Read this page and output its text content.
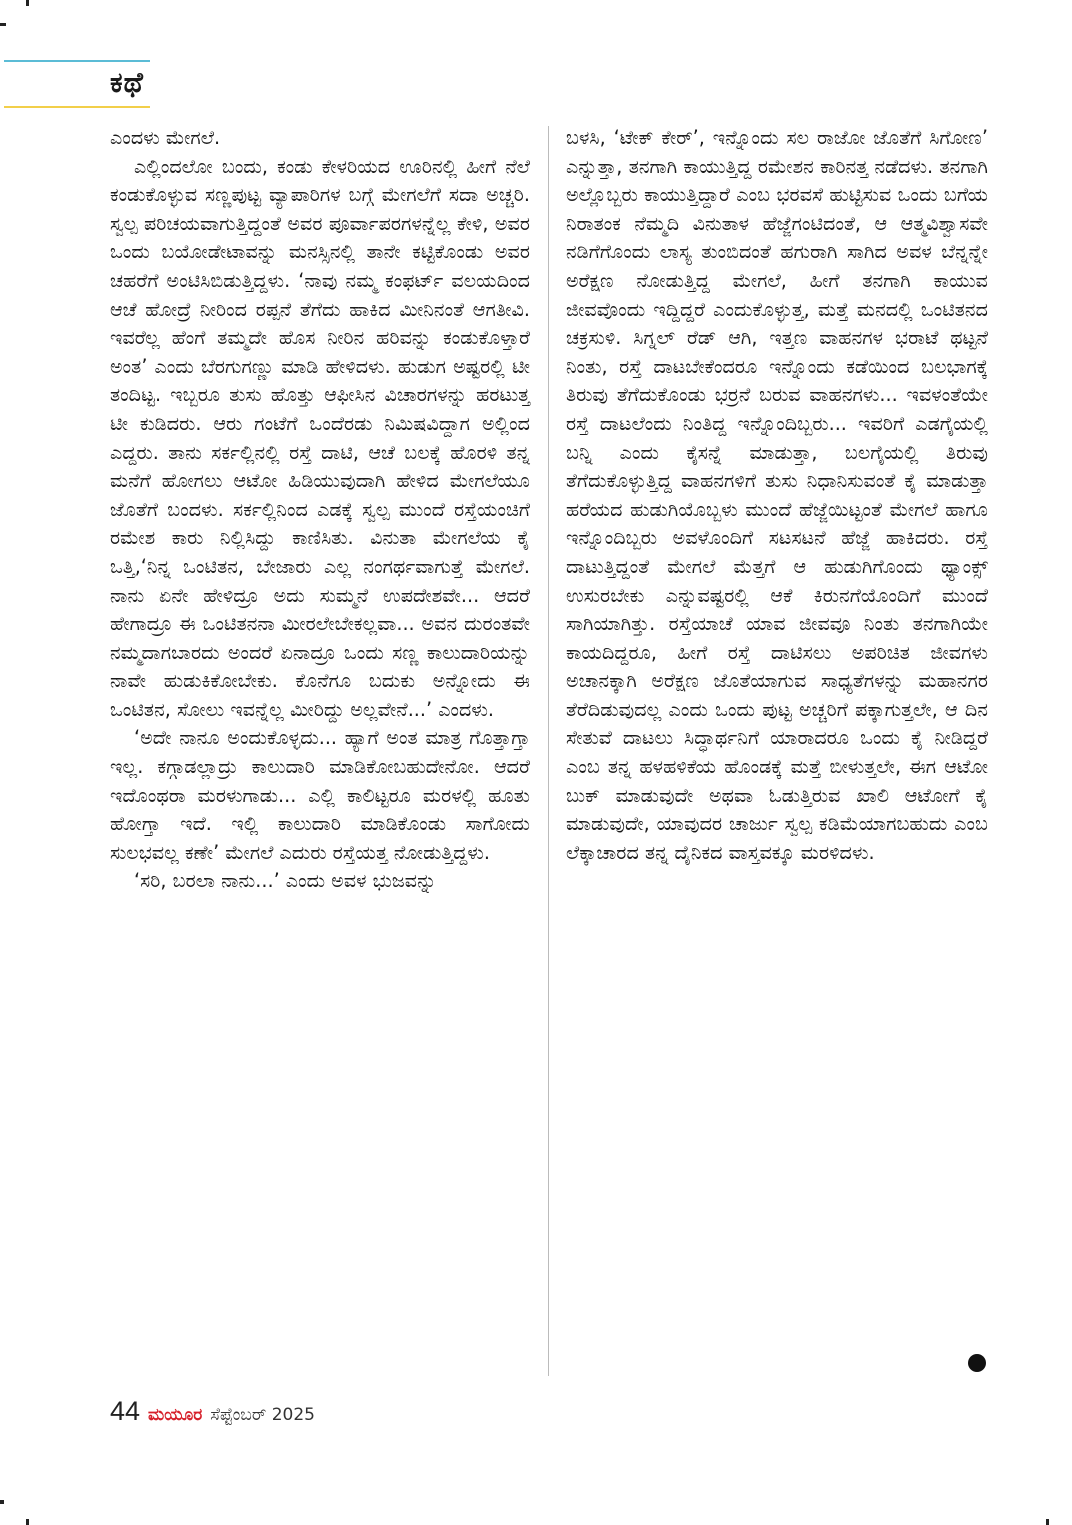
ಕಥೆ

ಎಂದಳು ಮೇಗಲೆ.

ಎಲ್ಲಿಂದಲೋ ಬಂದು, ಕಂಡು ಕೇಳರಿಯದ ಊರಿನಲ್ಲಿ ಹೀಗೆ ನೆಲೆ ಕಂಡುಕೊಳ್ಳುವ ಸಣ್ಣಪುಟ್ಟ ವ್ಯಾಪಾರಿಗಳ ಬಗ್ಗೆ ಮೇಗಲೆಗೆ ಸದಾ ಅಚ್ಚರಿ. ಸ್ವಲ್ಪ ಪರಿಚಯವಾಗುತ್ತಿದ್ದಂತೆ ಅವರ ಪೂರ್ವಾಪರಗಳನ್ನೆಲ್ಲ ಕೇಳಿ, ಅವರ ಒಂದು ಬಯೋಡೇಟಾವನ್ನು ಮನಸ್ಸಿನಲ್ಲಿ ತಾನೇ ಕಟ್ಟಿಕೊಂಡು ಅವರ ಚಹರೆಗೆ ಅಂಟಿಸಿಬಿಡುತ್ತಿದ್ದಳು. ‘ನಾವು ನಮ್ಮ ಕಂಫರ್ಟ್ ವಲಯದಿಂದ ಆಚೆ ಹೋದ್ರೆ ನೀರಿಂದ ರಪ್ಪನೆ ತೆಗೆದು ಹಾಕಿದ ಮೀನಿನಂತೆ ಆಗತೀವಿ. ಇವರೆಲ್ಲ ಹೆಂಗೆ ತಮ್ಮದೇ ಹೊಸ ನೀರಿನ ಹರಿವನ್ನು ಕಂಡುಕೊಳ್ತಾರೆ ಅಂತ’ ಎಂದು ಬೆರಗುಗಣ್ಣು ಮಾಡಿ ಹೇಳಿದಳು. ಹುಡುಗ ಅಷ್ಟರಲ್ಲಿ ಟೀ ತಂದಿಟ್ಟ. ಇಬ್ಬರೂ ತುಸು ಹೊತ್ತು ಆಫೀಸಿನ ವಿಚಾರಗಳನ್ನು ಹರಟುತ್ತ ಟೀ ಕುಡಿದರು. ಆರು ಗಂಟೆಗೆ ಒಂದೆರಡು ನಿಮಿಷವಿದ್ದಾಗ ಅಲ್ಲಿಂದ ಎದ್ದರು. ತಾನು ಸರ್ಕಲ್ಲಿನಲ್ಲಿ ರಸ್ತೆ ದಾಟಿ, ಆಚೆ ಬಲಕ್ಕೆ ಹೊರಳಿ ತನ್ನ ಮನೆಗೆ ಹೋಗಲು ಆಟೋ ಹಿಡಿಯುವುದಾಗಿ ಹೇಳಿದ ಮೇಗಲೆಯೂ ಜೊತೆಗೆ ಬಂದಳು. ಸರ್ಕಲ್ಲಿನಿಂದ ಎಡಕ್ಕೆ ಸ್ವಲ್ಪ ಮುಂದೆ ರಸ್ತೆಯಂಚಿಗೆ ರಮೇಶ ಕಾರು ನಿಲ್ಲಿಸಿದ್ದು ಕಾಣಿಸಿತು. ವಿನುತಾ ಮೇಗಲೆಯ ಕೈ ಒತ್ತಿ,‘ನಿನ್ನ ಒಂಟಿತನ, ಬೇಜಾರು ಎಲ್ಲ ನಂಗರ್ಥವಾಗುತ್ತೆ ಮೇಗಲೆ. ನಾನು ಏನೇ ಹೇಳಿದ್ರೂ ಅದು ಸುಮ್ಮನೆ ಉಪದೇಶವೇ... ಆದರೆ ಹೇಗಾದ್ರೂ ಈ ಒಂಟಿತನನಾ ಮೀರಲೇಬೇಕಲ್ಲವಾ... ಅವನ ದುರಂತವೇ ನಮ್ಮದಾಗಬಾರದು ಅಂದರೆ ಏನಾದ್ರೂ ಒಂದು ಸಣ್ಣ ಕಾಲುದಾರಿಯನ್ನು ನಾವೇ ಹುಡುಕಿಕೋಬೇಕು. ಕೊನೆಗೂ ಬದುಕು ಅನ್ನೋದು ಈ ಒಂಟಿತನ, ಸೋಲು ಇವನ್ನೆಲ್ಲ ಮೀರಿದ್ದು ಅಲ್ಲವೇನೆ...’ ಎಂದಳು.

‘ಅದೇ ನಾನೂ ಅಂದುಕೊಳ್ಳದು... ಹ್ಯಾಗೆ ಅಂತ ಮಾತ್ರ ಗೊತ್ತಾಗ್ತಾ ಇಲ್ಲ. ಕಗ್ಗಾಡಲ್ಲಾದ್ರು ಕಾಲುದಾರಿ ಮಾಡಿಕೋಬಹುದೇನೋ. ಆದರೆ ಇದೊಂಥರಾ ಮರಳುಗಾಡು... ಎಲ್ಲಿ ಕಾಲಿಟ್ಟರೂ ಮರಳಲ್ಲಿ ಹೂತು ಹೋಗ್ತಾ ಇದೆ. ಇಲ್ಲಿ ಕಾಲುದಾರಿ ಮಾಡಿಕೊಂಡು ಸಾಗೋದು ಸುಲಭವಲ್ಲ ಕಣೇ’ ಮೇಗಲೆ ಎದುರು ರಸ್ತೆಯತ್ತ ನೋಡುತ್ತಿದ್ದಳು.

‘ಸರಿ, ಬರಲಾ ನಾನು...’ ಎಂದು ಅವಳ ಭುಜವನ್ನು

ಬಳಸಿ, ‘ಟೇಕ್ ಕೇರ್’, ಇನ್ನೊಂದು ಸಲ ರಾಜೋ ಜೊತೆಗೆ ಸಿಗೋಣ’ ಎನ್ನುತ್ತಾ, ತನಗಾಗಿ ಕಾಯುತ್ತಿದ್ದ ರಮೇಶನ ಕಾರಿನತ್ತ ನಡೆದಳು. ತನಗಾಗಿ ಅಲ್ಲೊಬ್ಬರು ಕಾಯುತ್ತಿದ್ದಾರೆ ಎಂಬ ಭರವಸೆ ಹುಟ್ಟಿಸುವ ಒಂದು ಬಗೆಯ ನಿರಾತಂಕ ನೆಮ್ಮದಿ ವಿನುತಾಳ ಹೆಜ್ಜೆಗಂಟಿದಂತೆ, ಆ ಆತ್ಮವಿಶ್ವಾಸವೇ ನಡಿಗೆಗೊಂದು ಲಾಸ್ಯ ತುಂಬಿದಂತೆ ಹಗುರಾಗಿ ಸಾಗಿದ ಅವಳ ಬೆನ್ನನ್ನೇ ಅರೆಕ್ಷಣ ನೋಡುತ್ತಿದ್ದ ಮೇಗಲೆ, ಹೀಗೆ ತನಗಾಗಿ ಕಾಯುವ ಜೀವವೊಂದು ಇದ್ದಿದ್ದರೆ ಎಂದುಕೊಳ್ಳುತ್ತ, ಮತ್ತೆ ಮನದಲ್ಲಿ ಒಂಟಿತನದ ಚಕ್ರಸುಳಿ. ಸಿಗ್ನಲ್ ರೆಡ್ ಆಗಿ, ಇತ್ತಣ ವಾಹನಗಳ ಭರಾಟೆ ಥಟ್ಟನೆ ನಿಂತು, ರಸ್ತೆ ದಾಟಬೇಕೆಂದರೂ ಇನ್ನೊಂದು ಕಡೆಯಿಂದ ಬಲಭಾಗಕ್ಕೆ ತಿರುವು ತೆಗೆದುಕೊಂಡು ಭರ್ರನೆ ಬರುವ ವಾಹನಗಳು... ಇವಳಂತೆಯೇ ರಸ್ತೆ ದಾಟಲೆಂದು ನಿಂತಿದ್ದ ಇನ್ನೊಂದಿಬ್ಬರು... ಇವರಿಗೆ ಎಡಗೈಯಲ್ಲಿ ಬನ್ನಿ ಎಂದು ಕೈಸನ್ನೆ ಮಾಡುತ್ತಾ, ಬಲಗೈಯಲ್ಲಿ ತಿರುವು ತೆಗೆದುಕೊಳ್ಳುತ್ತಿದ್ದ ವಾಹನಗಳಿಗೆ ತುಸು ನಿಧಾನಿಸುವಂತೆ ಕೈ ಮಾಡುತ್ತಾ ಹರೆಯದ ಹುಡುಗಿಯೊಬ್ಬಳು ಮುಂದೆ ಹೆಜ್ಜೆಯಿಟ್ಟಂತೆ ಮೇಗಲೆ ಹಾಗೂ ಇನ್ನೊಂದಿಬ್ಬರು ಅವಳೊಂದಿಗೆ ಸಟಸಟನೆ ಹೆಜ್ಜೆ ಹಾಕಿದರು. ರಸ್ತೆ ದಾಟುತ್ತಿದ್ದಂತೆ ಮೇಗಲೆ ಮೆತ್ತಗೆ ಆ ಹುಡುಗಿಗೊಂದು ಥ್ಯಾಂಕ್ಸ್ ಉಸುರಬೇಕು ಎನ್ನುವಷ್ಟರಲ್ಲಿ ಆಕೆ ಕಿರುನಗೆಯೊಂದಿಗೆ ಮುಂದೆ ಸಾಗಿಯಾಗಿತ್ತು. ರಸ್ತೆಯಾಚೆ ಯಾವ ಜೀವವೂ ನಿಂತು ತನಗಾಗಿಯೇ ಕಾಯದಿದ್ದರೂ, ಹೀಗೆ ರಸ್ತೆ ದಾಟಿಸಲು ಅಪರಿಚಿತ ಜೀವಗಳು ಅಚಾನಕ್ಕಾಗಿ ಅರೆಕ್ಷಣ ಜೊತೆಯಾಗುವ ಸಾಧ್ಯತೆಗಳನ್ನು ಮಹಾನಗರ ತೆರೆದಿಡುವುದಲ್ಲ ಎಂದು ಒಂದು ಪುಟ್ಟ ಅಚ್ಚರಿಗೆ ಪಕ್ಕಾಗುತ್ತಲೇ, ಆ ದಿನ ಸೇತುವೆ ದಾಟಲು ಸಿದ್ಧಾರ್ಥನಿಗೆ ಯಾರಾದರೂ ಒಂದು ಕೈ ನೀಡಿದ್ದರೆ ಎಂಬ ತನ್ನ ಹಳಹಳಿಕೆಯ ಹೊಂಡಕ್ಕೆ ಮತ್ತೆ ಬೀಳುತ್ತಲೇ, ಈಗ ಆಟೋ ಬುಕ್ ಮಾಡುವುದೇ ಅಥವಾ ಓಡುತ್ತಿರುವ ಖಾಲಿ ಆಟೋಗೆ ಕೈ ಮಾಡುವುದೇ, ಯಾವುದರ ಚಾರ್ಜು ಸ್ವಲ್ಪ ಕಡಿಮೆಯಾಗಬಹುದು ಎಂಬ ಲೆಕ್ಕಾಚಾರದ ತನ್ನ ದೈನಿಕದ ವಾಸ್ತವಕ್ಕೂ ಮರಳಿದಳು.

44 ಮಯೂರ ಸೆಪ್ಟೆಂಬರ್ 2025
